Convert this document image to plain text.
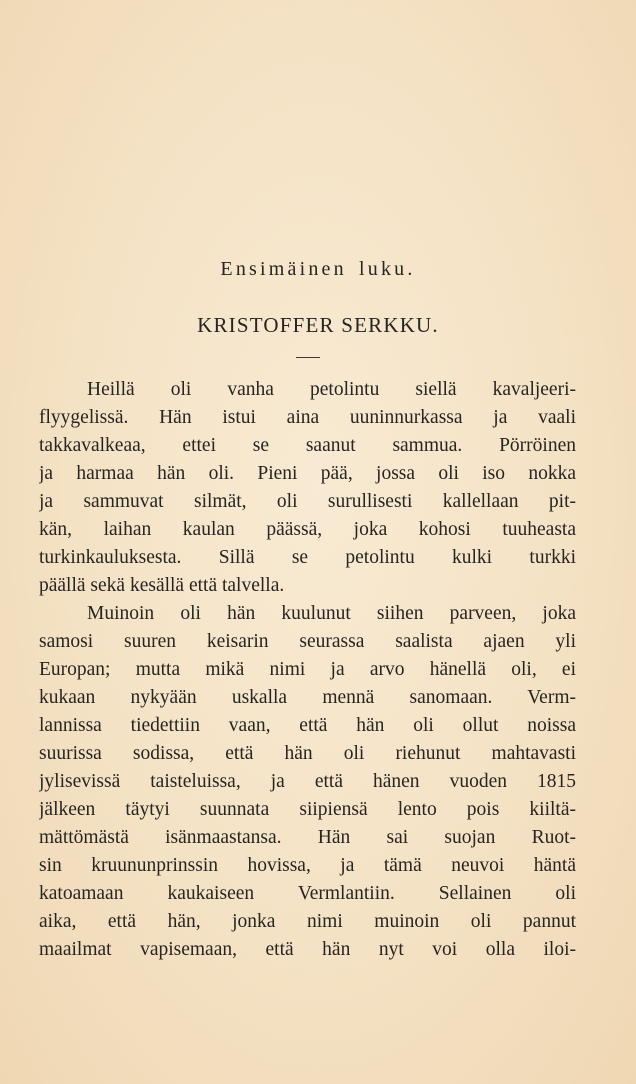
Ensimäinen luku.
KRISTOFFER SERKKU.
Heillä oli vanha petolintu siellä kavaljeeri-
flyygelissä. Hän istui aina uuninnurkassa ja vaali
takkavalkeaa, ettei se saanut sammua. Pörröinen
ja harmaa hän oli. Pieni pää, jossa oli iso nokka
ja sammuvat silmät, oli surullisesti kallellaan pit-
kän, laihan kaulan päässä, joka kohosi tuuheasta
turkinkauluksesta. Sillä se petolintu kulki turkki
päällä sekä kesällä että talvella.
Muinoin oli hän kuulunut siihen parveen, joka
samosi suuren keisarin seurassa saalista ajaen yli
Europan; mutta mikä nimi ja arvo hänellä oli, ei
kukaan nykyään uskalla mennä sanomaan. Verm-
lannissa tiedettiin vaan, että hän oli ollut noissa
suurissa sodissa, että hän oli riehunut mahtavasti
jylisevissä taisteluissa, ja että hänen vuoden 1815
jälkeen täytyi suunnata siipiensä lento pois kiiltä-
mättömästä isänmaastansa. Hän sai suojan Ruot-
sin kruununprinssin hovissa, ja tämä neuvoi häntä
katoamaan kaukaiseen Vermlantiin. Sellainen oli
aika, että hän, jonka nimi muinoin oli pannut
maailmat vapisemaan, että hän nyt voi olla iloi-
